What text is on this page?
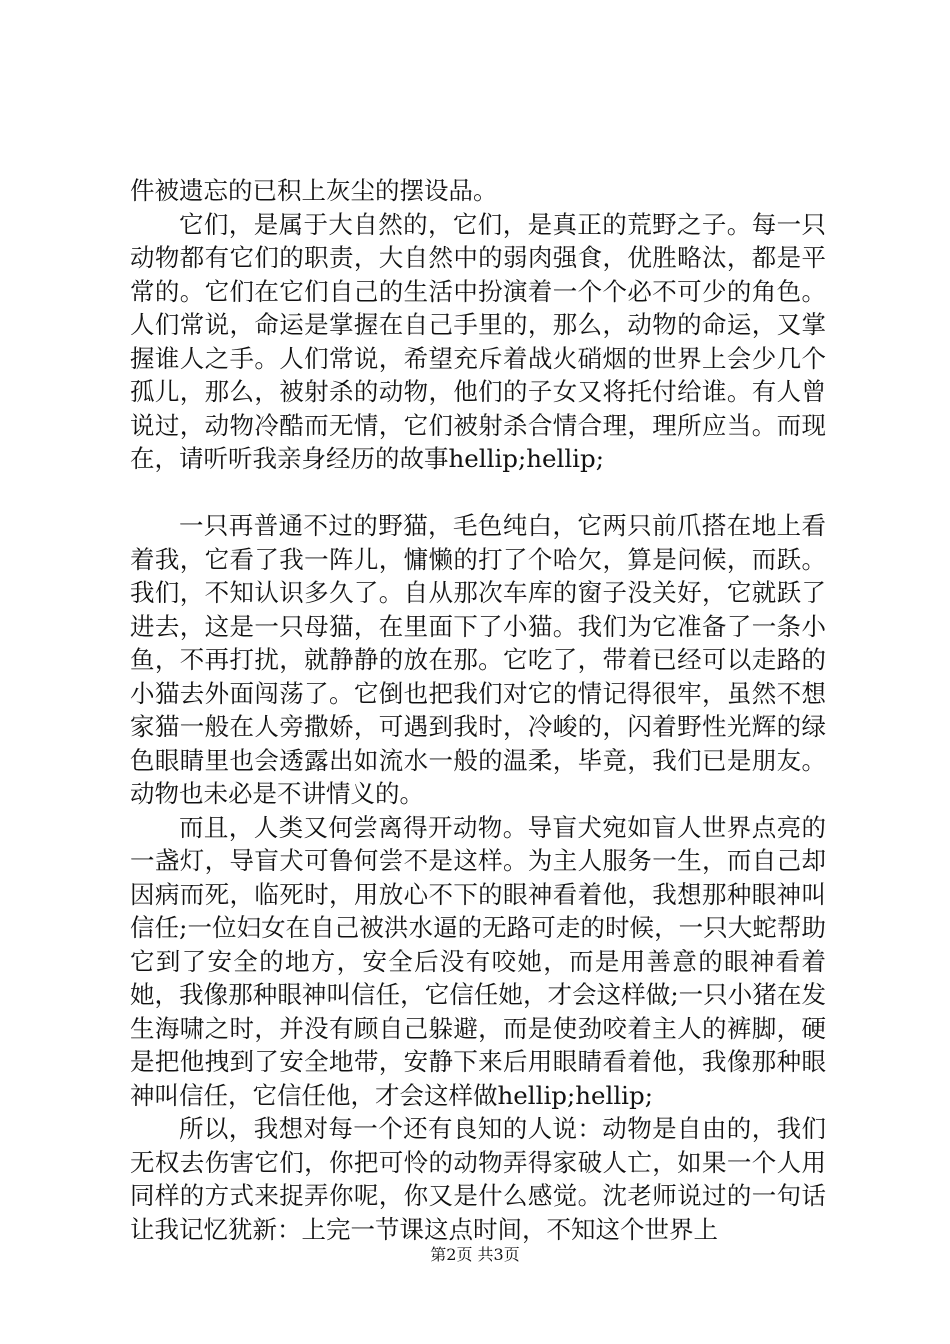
件被遗忘的已积上灰尘的摆设品。

它们，是属于大自然的，它们，是真正的荒野之子。每一只动物都有它们的职责，大自然中的弱肉强食，优胜略汰，都是平常的。它们在它们自己的生活中扮演着一个个必不可少的角色。人们常说，命运是掌握在自己手里的，那么，动物的命运，又掌握谁人之手。人们常说，希望充斥着战火硝烟的世界上会少几个孤儿，那么，被射杀的动物，他们的子女又将托付给谁。有人曾说过，动物冷酷而无情，它们被射杀合情合理，理所应当。而现在，请听听我亲身经历的故事hellip;hellip;

一只再普通不过的野猫，毛色纯白，它两只前爪搭在地上看着我，它看了我一阵儿，慵懒的打了个哈欠，算是问候，而跃。我们，不知认识多久了。自从那次车库的窗子没关好，它就跃了进去，这是一只母猫，在里面下了小猫。我们为它准备了一条小鱼，不再打扰，就静静的放在那。它吃了，带着已经可以走路的小猫去外面闯荡了。它倒也把我们对它的情记得很牢，虽然不想家猫一般在人旁撒娇，可遇到我时，冷峻的，闪着野性光辉的绿色眼睛里也会透露出如流水一般的温柔，毕竟，我们已是朋友。动物也未必是不讲情义的。

而且，人类又何尝离得开动物。导盲犬宛如盲人世界点亮的一盏灯，导盲犬可鲁何尝不是这样。为主人服务一生，而自己却因病而死，临死时，用放心不下的眼神看着他，我想那种眼神叫信任;一位妇女在自己被洪水逼的无路可走的时候，一只大蛇帮助它到了安全的地方，安全后没有咬她，而是用善意的眼神看着她，我像那种眼神叫信任，它信任她，才会这样做;一只小猪在发生海啸之时，并没有顾自己躲避，而是使劲咬着主人的裤脚，硬是把他拽到了安全地带，安静下来后用眼睛看着他，我像那种眼神叫信任，它信任他，才会这样做hellip;hellip;

所以，我想对每一个还有良知的人说：动物是自由的，我们无权去伤害它们，你把可怜的动物弄得家破人亡，如果一个人用同样的方式来捉弄你呢，你又是什么感觉。沈老师说过的一句话让我记忆犹新：上完一节课这点时间，不知这个世界上

第2页 共3页
